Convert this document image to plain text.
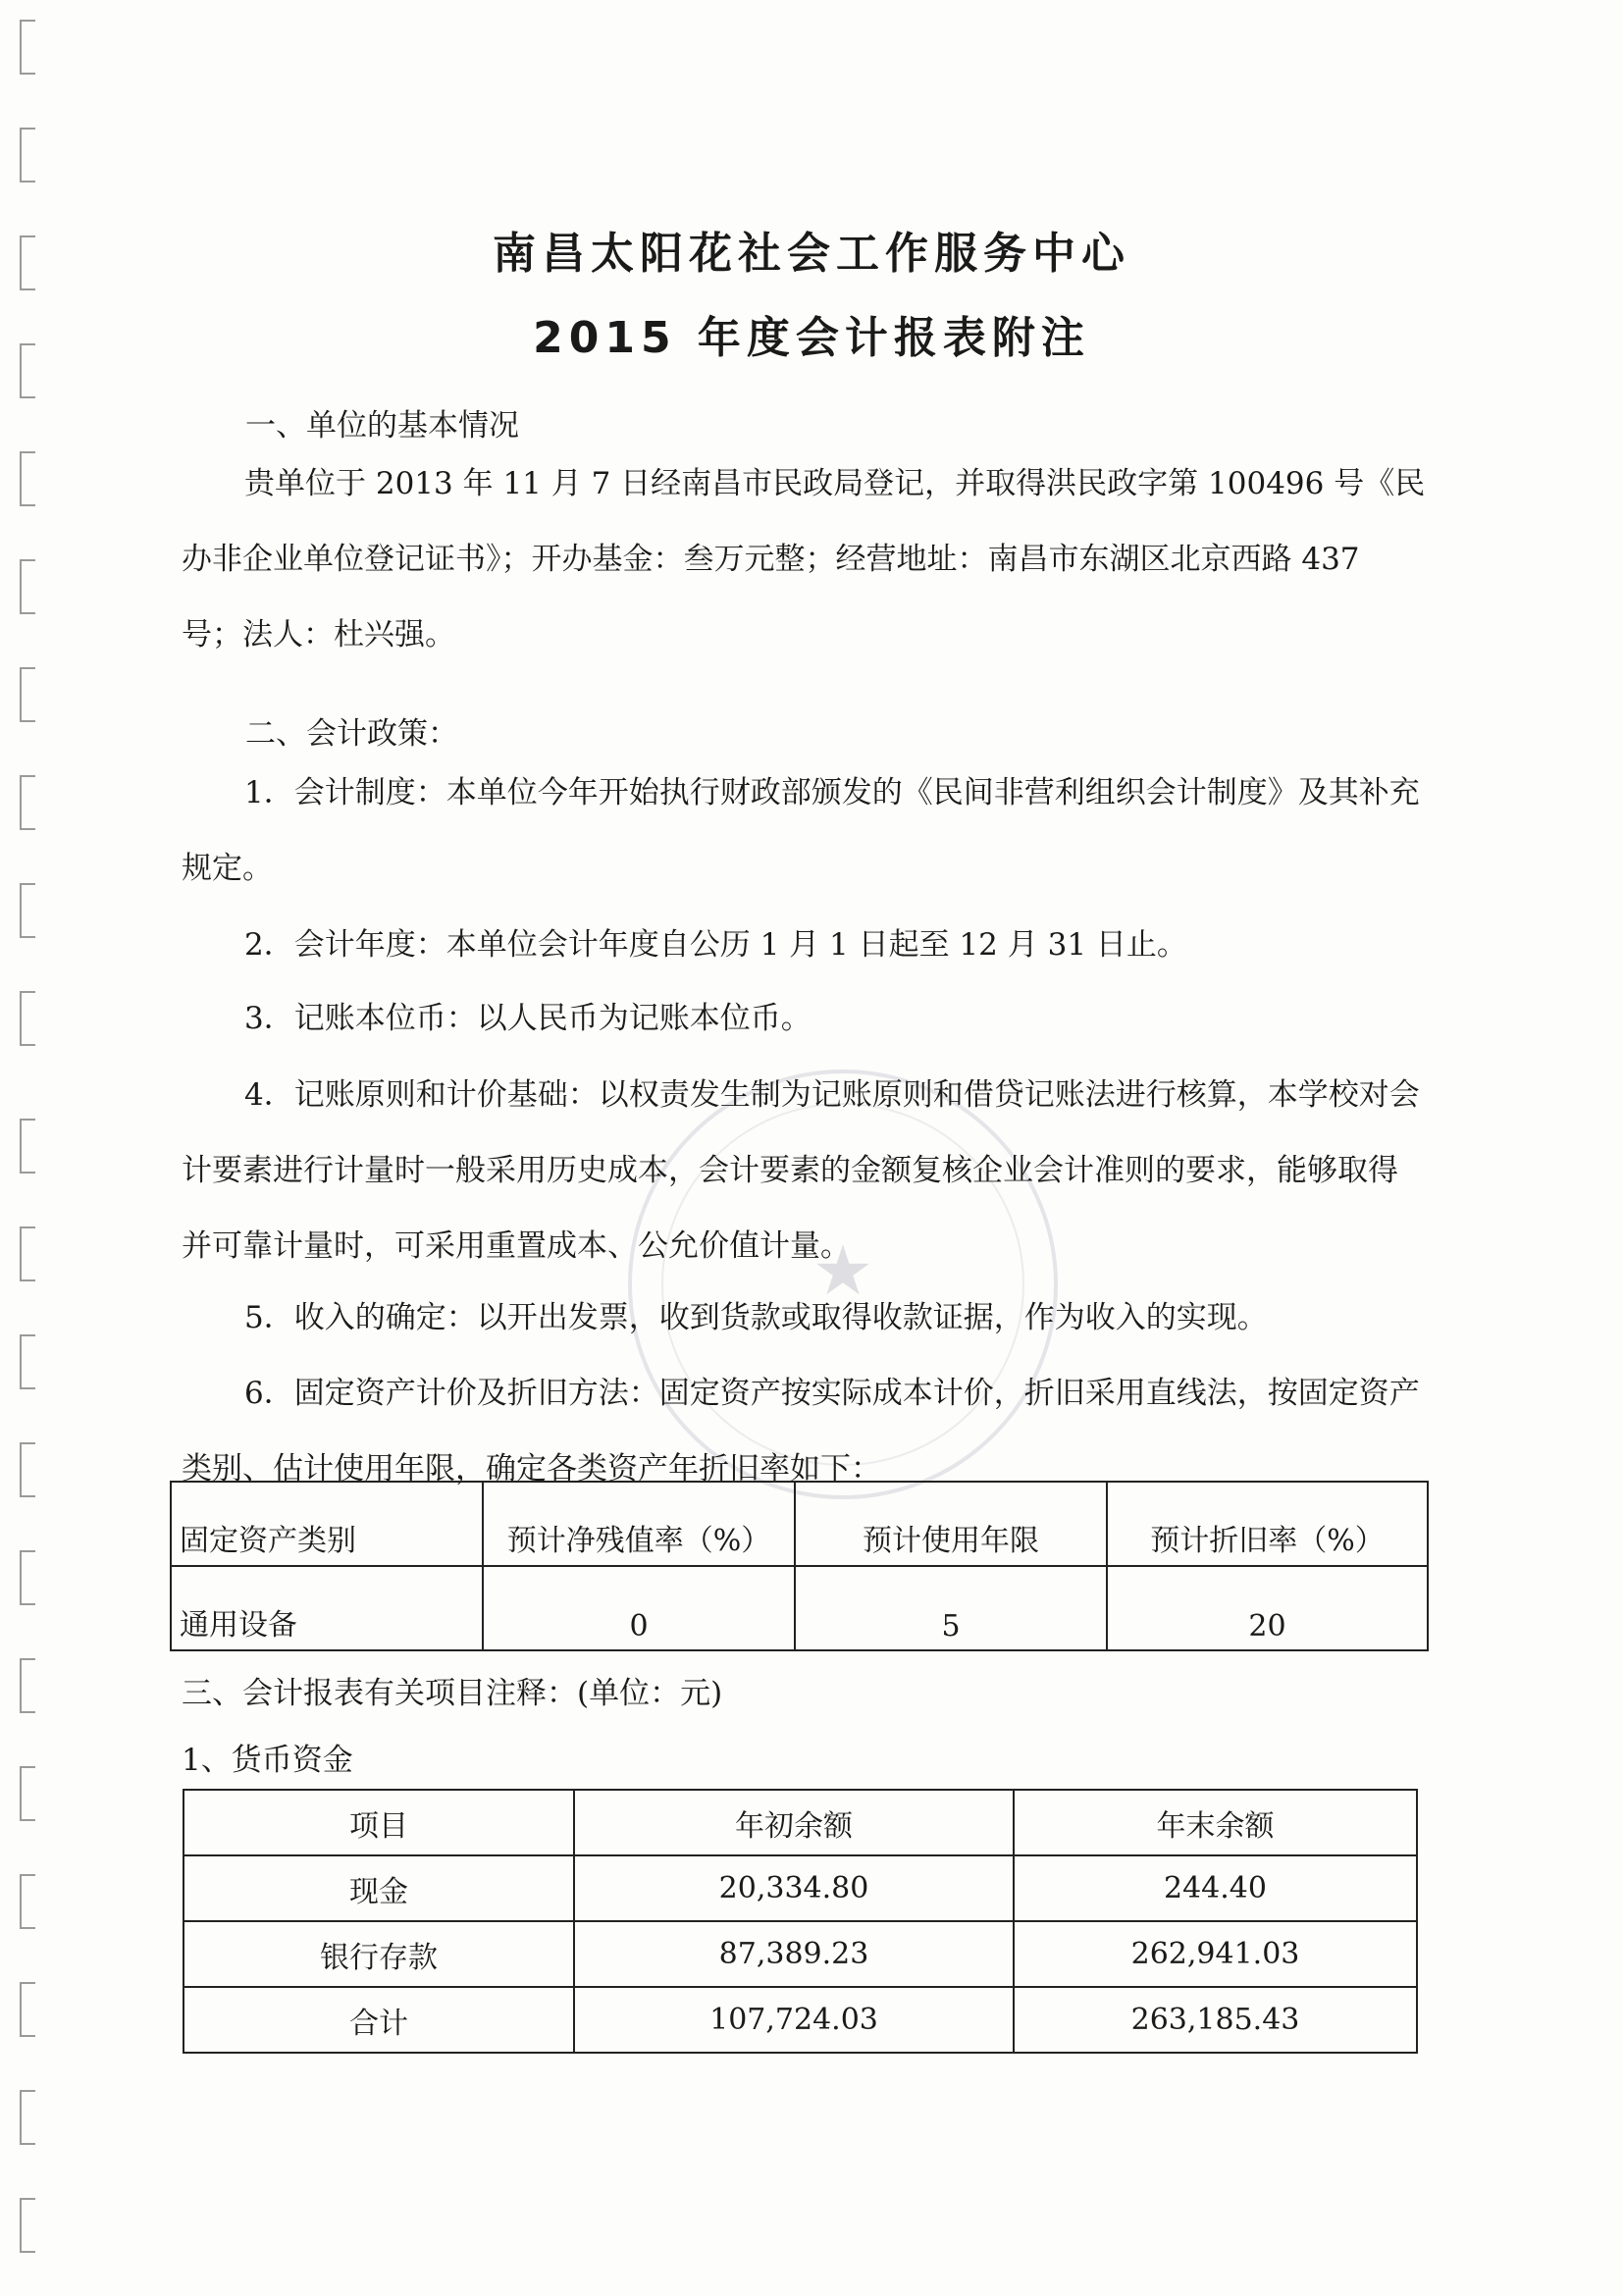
★
南昌太阳花社会工作服务中心
2015 年度会计报表附注
一、单位的基本情况
贵单位于 2013 年 11 月 7 日经南昌市民政局登记，并取得洪民政字第 100496 号《民办非企业单位登记证书》；开办基金：叁万元整；经营地址：南昌市东湖区北京西路 437 号；法人：杜兴强。
二、会计政策：
1．会计制度：本单位今年开始执行财政部颁发的《民间非营利组织会计制度》及其补充规定。
2．会计年度：本单位会计年度自公历 1 月 1 日起至 12 月 31 日止。
3．记账本位币：以人民币为记账本位币。
4．记账原则和计价基础：以权责发生制为记账原则和借贷记账法进行核算，本学校对会计要素进行计量时一般采用历史成本，会计要素的金额复核企业会计准则的要求，能够取得并可靠计量时，可采用重置成本、公允价值计量。
5．收入的确定：以开出发票，收到货款或取得收款证据，作为收入的实现。
6．固定资产计价及折旧方法：固定资产按实际成本计价，折旧采用直线法，按固定资产类别、估计使用年限，确定各类资产年折旧率如下：
固定资产类别	预计净残值率（%）	预计使用年限	预计折旧率（%）
通用设备	0	5	20
三、会计报表有关项目注释：(单位：元)
1、货币资金
项目	年初余额	年末余额
现金	20,334.80	244.40
银行存款	87,389.23	262,941.03
合计	107,724.03	263,185.43
